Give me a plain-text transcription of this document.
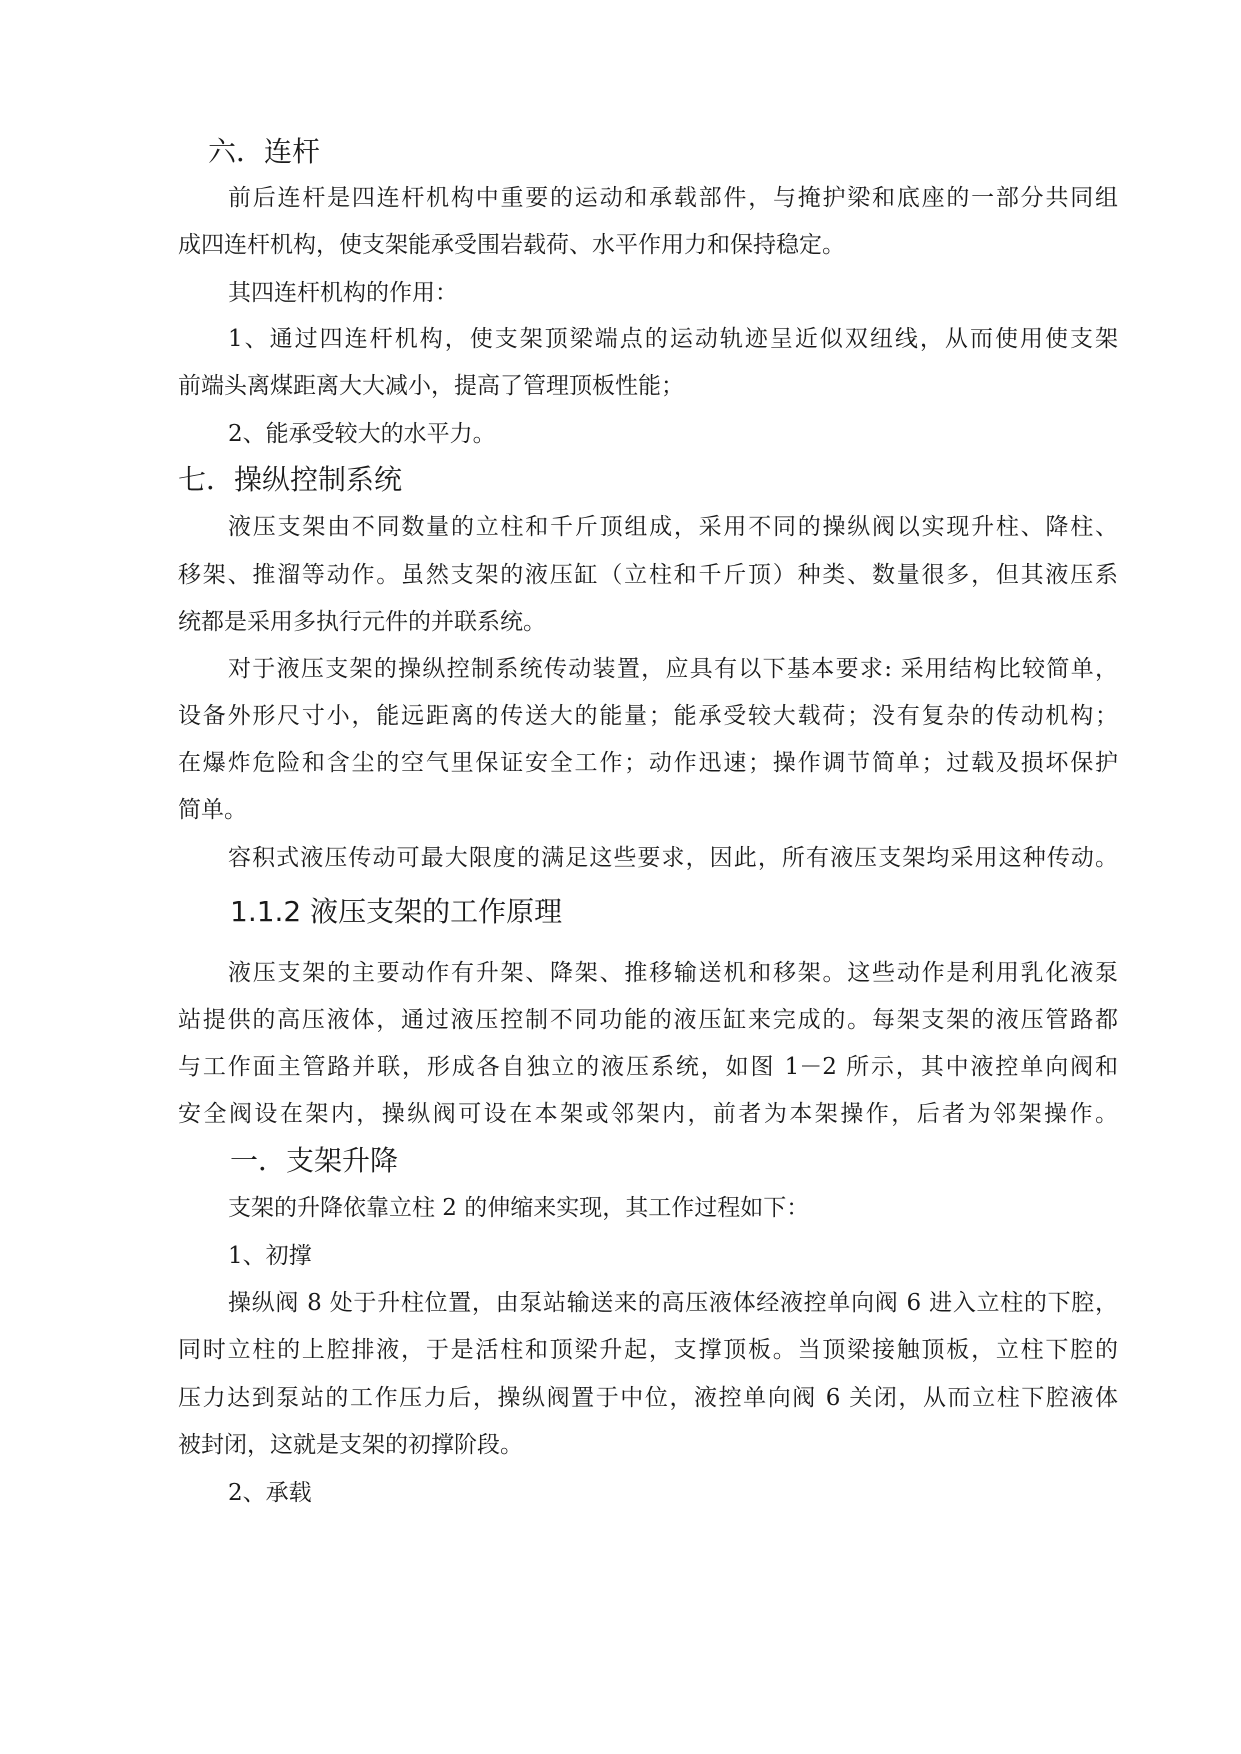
六．连杆
前后连杆是四连杆机构中重要的运动和承载部件，与掩护梁和底座的一部分共同组
成四连杆机构，使支架能承受围岩载荷、水平作用力和保持稳定。
其四连杆机构的作用：
1、通过四连杆机构，使支架顶梁端点的运动轨迹呈近似双纽线，从而使用使支架
前端头离煤距离大大减小，提高了管理顶板性能；
2、能承受较大的水平力。
七．操纵控制系统
液压支架由不同数量的立柱和千斤顶组成，采用不同的操纵阀以实现升柱、降柱、
移架、推溜等动作。虽然支架的液压缸（立柱和千斤顶）种类、数量很多，但其液压系
统都是采用多执行元件的并联系统。
对于液压支架的操纵控制系统传动装置，应具有以下基本要求: 采用结构比较简单，
设备外形尺寸小，能远距离的传送大的能量；能承受较大载荷；没有复杂的传动机构；
在爆炸危险和含尘的空气里保证安全工作；动作迅速；操作调节简单；过载及损坏保护
简单。
容积式液压传动可最大限度的满足这些要求，因此，所有液压支架均采用这种传动。
1.1.2 液压支架的工作原理
液压支架的主要动作有升架、降架、推移输送机和移架。这些动作是利用乳化液泵
站提供的高压液体，通过液压控制不同功能的液压缸来完成的。每架支架的液压管路都
与工作面主管路并联，形成各自独立的液压系统，如图 1－2 所示，其中液控单向阀和
安全阀设在架内，操纵阀可设在本架或邻架内，前者为本架操作，后者为邻架操作。
一．支架升降
支架的升降依靠立柱 2 的伸缩来实现，其工作过程如下：
1、初撑
操纵阀 8 处于升柱位置，由泵站输送来的高压液体经液控单向阀 6 进入立柱的下腔，
同时立柱的上腔排液，于是活柱和顶梁升起，支撑顶板。当顶梁接触顶板，立柱下腔的
压力达到泵站的工作压力后，操纵阀置于中位，液控单向阀 6 关闭，从而立柱下腔液体
被封闭，这就是支架的初撑阶段。
2、承载
